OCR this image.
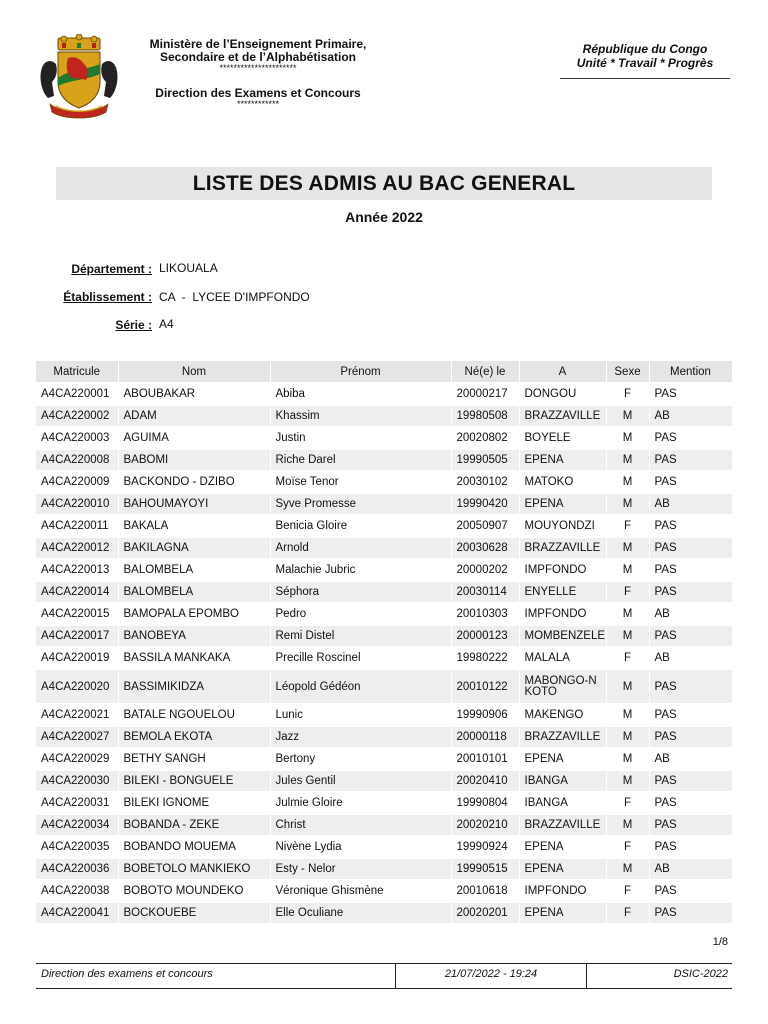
Ministère de l’Enseignement Primaire,
Secondaire et de l’Alphabétisation
**********************
Direction des Examens et Concours
************
République du Congo
Unité * Travail * Progrès
LISTE DES ADMIS AU BAC GENERAL
Année 2022
Département : LIKOUALA
Établissement : CA  -  LYCEE D'IMPFONDO
Série : A4
Matricule	Nom	Prénom	Né(e) le	A	Sexe	Mention
A4CA220001	ABOUBAKAR	Abiba	20000217	DONGOU	F	PAS
A4CA220002	ADAM	Khassim	19980508	BRAZZAVILLE	M	AB
A4CA220003	AGUIMA	Justin	20020802	BOYELE	M	PAS
A4CA220008	BABOMI	Riche Darel	19990505	EPENA	M	PAS
A4CA220009	BACKONDO - DZIBO	Moïse Tenor	20030102	MATOKO	M	PAS
A4CA220010	BAHOUMAYOYI	Syve Promesse	19990420	EPENA	M	AB
A4CA220011	BAKALA	Benicia Gloire	20050907	MOUYONDZI	F	PAS
A4CA220012	BAKILAGNA	Arnold	20030628	BRAZZAVILLE	M	PAS
A4CA220013	BALOMBELA	Malachie Jubric	20000202	IMPFONDO	M	PAS
A4CA220014	BALOMBELA	Séphora	20030114	ENYELLE	F	PAS
A4CA220015	BAMOPALA EPOMBO	Pedro	20010303	IMPFONDO	M	AB
A4CA220017	BANOBEYA	Remi Distel	20000123	MOMBENZELE	M	PAS
A4CA220019	BASSILA MANKAKA	Precille Roscinel	19980222	MALALA	F	AB
A4CA220020	BASSIMIKIDZA	Léopold Gédéon	20010122	MABONGO-NKOTO	M	PAS
A4CA220021	BATALE NGOUELOU	Lunic	19990906	MAKENGO	M	PAS
A4CA220027	BEMOLA EKOTA	Jazz	20000118	BRAZZAVILLE	M	PAS
A4CA220029	BETHY SANGH	Bertony	20010101	EPENA	M	AB
A4CA220030	BILEKI - BONGUELE	Jules Gentil	20020410	IBANGA	M	PAS
A4CA220031	BILEKI IGNOME	Julmie Gloire	19990804	IBANGA	F	PAS
A4CA220034	BOBANDA - ZEKE	Christ	20020210	BRAZZAVILLE	M	PAS
A4CA220035	BOBANDO MOUEMA	Nivène Lydia	19990924	EPENA	F	PAS
A4CA220036	BOBETOLO MANKIEKO	Esty - Nelor	19990515	EPENA	M	AB
A4CA220038	BOBOTO MOUNDEKO	Véronique Ghismène	20010618	IMPFONDO	F	PAS
A4CA220041	BOCKOUEBE	Elle Oculiane	20020201	EPENA	F	PAS
1/8
Direction des examens et concours	21/07/2022 - 19:24	DSIC-2022
